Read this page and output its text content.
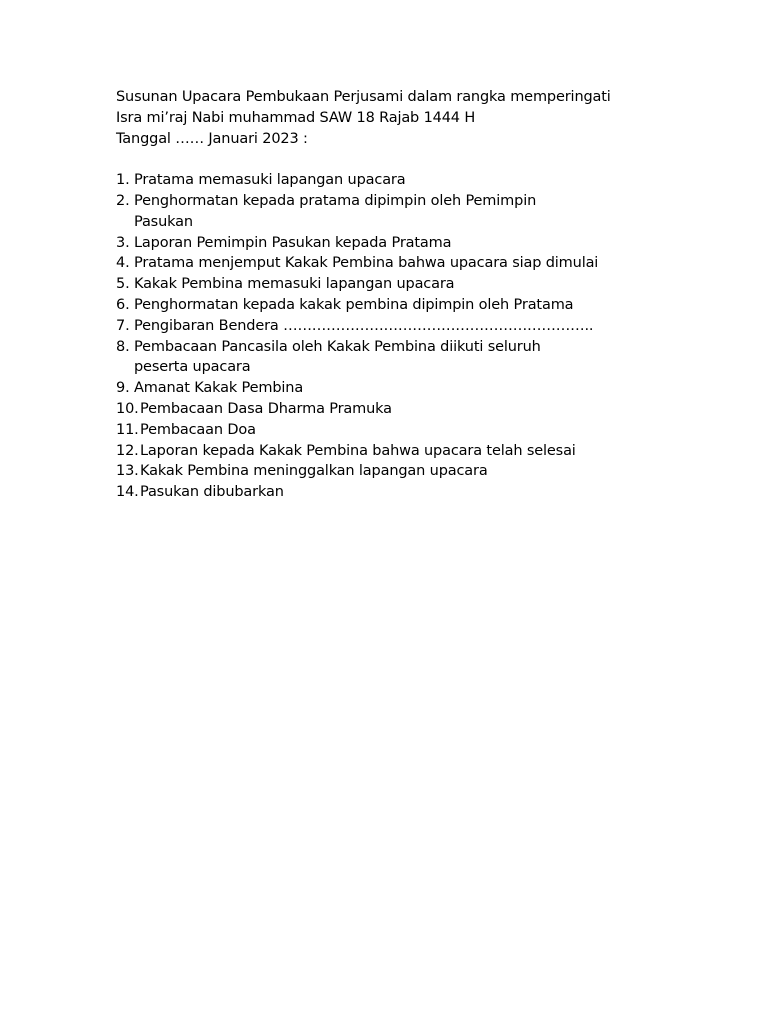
Susunan Upacara Pembukaan Perjusami dalam rangka memperingati
Isra mi’raj Nabi muhammad SAW 18 Rajab 1444 H
Tanggal …… Januari 2023 :
1. Pratama memasuki lapangan upacara
2. Penghormatan kepada pratama dipimpin oleh Pemimpin
Pasukan
3. Laporan Pemimpin Pasukan kepada Pratama
4. Pratama menjemput Kakak Pembina bahwa upacara siap dimulai
5. Kakak Pembina memasuki lapangan upacara
6. Penghormatan kepada kakak pembina dipimpin oleh Pratama
7. Pengibaran Bendera ………………………………………………………..
8. Pembacaan Pancasila oleh Kakak Pembina diikuti seluruh
peserta upacara
9. Amanat Kakak Pembina
10. Pembacaan Dasa Dharma Pramuka
11. Pembacaan Doa
12. Laporan kepada Kakak Pembina bahwa upacara telah selesai
13. Kakak Pembina meninggalkan lapangan upacara
14. Pasukan dibubarkan
